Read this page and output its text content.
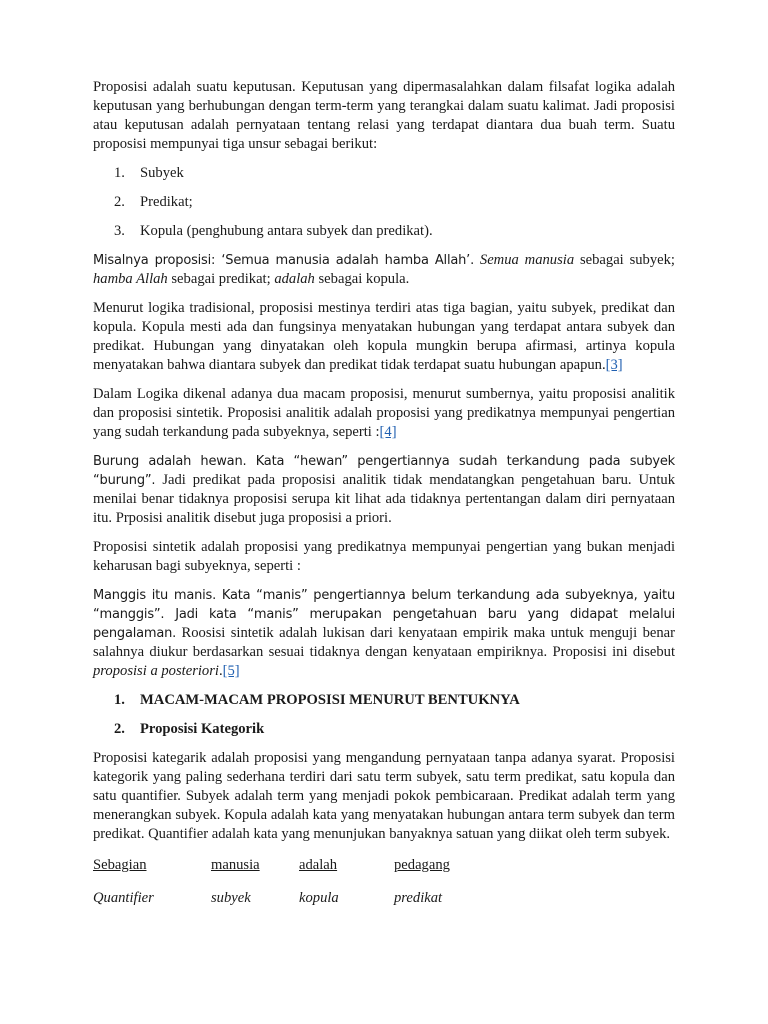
Proposisi adalah suatu keputusan. Keputusan yang dipermasalahkan dalam filsafat logika adalah keputusan yang berhubungan dengan term-term yang terangkai dalam suatu kalimat. Jadi proposisi atau keputusan adalah pernyataan tentang relasi yang terdapat diantara dua buah term. Suatu proposisi mempunyai tiga unsur sebagai berikut:

1.	Subyek
2.	Predikat;
3.	Kopula (penghubung antara subyek dan predikat).

Misalnya proposisi: ‘Semua manusia adalah hamba Allah’. Semua manusia sebagai subyek; hamba Allah sebagai predikat; adalah sebagai kopula.

Menurut logika tradisional, proposisi mestinya terdiri atas tiga bagian, yaitu subyek, predikat dan kopula. Kopula mesti ada dan fungsinya menyatakan hubungan yang terdapat antara subyek dan predikat. Hubungan yang dinyatakan oleh kopula mungkin berupa afirmasi, artinya kopula menyatakan bahwa diantara subyek dan predikat tidak terdapat suatu hubungan apapun.[3]

Dalam Logika dikenal adanya dua macam proposisi, menurut sumbernya, yaitu proposisi analitik dan proposisi sintetik. Proposisi analitik adalah proposisi yang predikatnya mempunyai pengertian yang sudah terkandung pada subyeknya, seperti :[4]

Burung adalah hewan. Kata “hewan” pengertiannya sudah terkandung pada subyek “burung”. Jadi predikat pada proposisi analitik tidak mendatangkan pengetahuan baru. Untuk menilai benar tidaknya proposisi serupa kit lihat ada tidaknya pertentangan dalam diri pernyataan itu. Prposisi analitik disebut juga proposisi a priori.

Proposisi sintetik adalah proposisi yang predikatnya mempunyai pengertian yang bukan menjadi keharusan bagi subyeknya, seperti :

Manggis itu manis. Kata “manis” pengertiannya belum terkandung ada subyeknya, yaitu “manggis”. Jadi kata “manis” merupakan pengetahuan baru yang didapat melalui pengalaman. Roosisi sintetik adalah lukisan dari kenyataan empirik maka untuk menguji benar salahnya diukur berdasarkan sesuai tidaknya dengan kenyataan empiriknya. Proposisi ini disebut proposisi a posteriori.[5]

1.	MACAM-MACAM PROPOSISI MENURUT BENTUKNYA
2.	Proposisi Kategorik

Proposisi kategarik adalah proposisi yang mengandung pernyataan tanpa adanya syarat. Proposisi kategorik yang paling sederhana terdiri dari satu term subyek, satu term predikat, satu kopula dan satu quantifier. Subyek adalah term yang menjadi pokok pembicaraan. Predikat adalah term yang menerangkan subyek. Kopula adalah kata yang menyatakan hubungan antara term subyek dan term predikat. Quantifier adalah kata yang menunjukan banyaknya satuan yang diikat oleh term subyek.

Sebagian	manusia	adalah	pedagang
Quantifier	subyek	kopula	predikat
